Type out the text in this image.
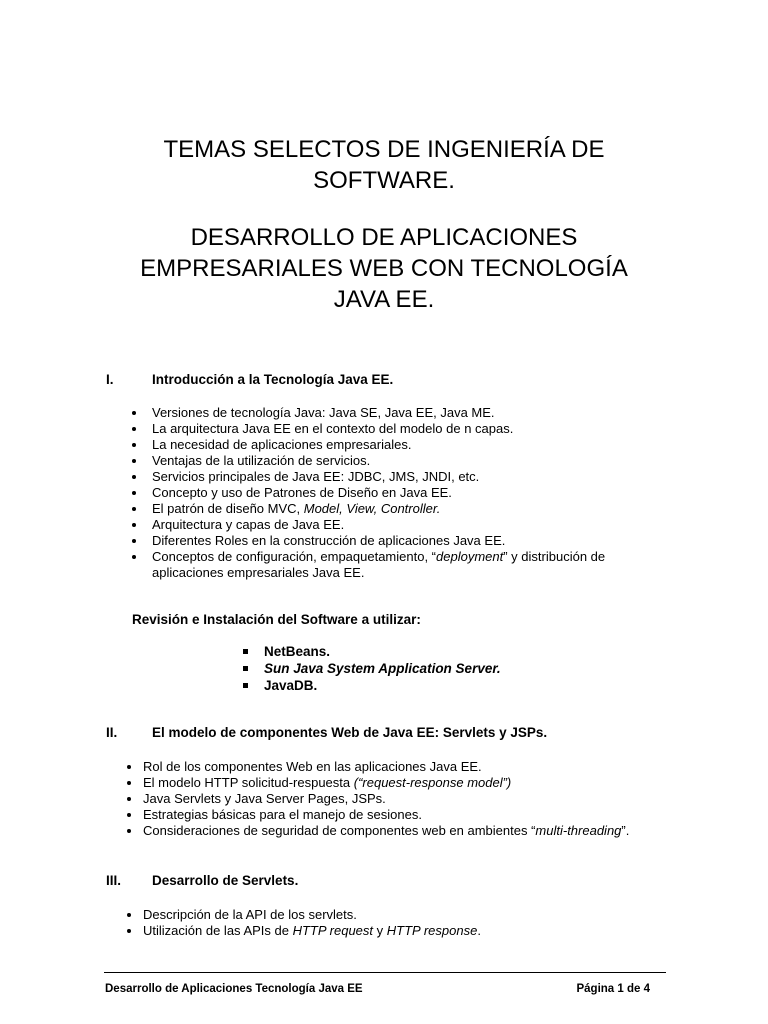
TEMAS SELECTOS DE INGENIERÍA DE
SOFTWARE.
DESARROLLO DE APLICACIONES
EMPRESARIALES WEB CON TECNOLOGÍA
JAVA EE.
I.	Introducción a la Tecnología Java EE.
Versiones de tecnología Java: Java SE, Java EE, Java ME.
La arquitectura Java EE en el contexto del modelo de n capas.
La necesidad de aplicaciones empresariales.
Ventajas de la utilización de servicios.
Servicios principales de Java EE: JDBC, JMS, JNDI, etc.
Concepto y uso de Patrones de Diseño en Java EE.
El patrón de diseño MVC, Model, View, Controller.
Arquitectura y capas de Java EE.
Diferentes Roles en la construcción de aplicaciones Java EE.
Conceptos de configuración, empaquetamiento, “deployment” y distribución de
aplicaciones empresariales Java EE.
Revisión e Instalación del Software a utilizar:
NetBeans.
Sun Java System Application Server.
JavaDB.
II.	El modelo de componentes Web de Java EE: Servlets y JSPs.
Rol de los componentes Web en las aplicaciones Java EE.
El modelo HTTP solicitud-respuesta (“request-response model”)
Java Servlets y Java Server Pages, JSPs.
Estrategias básicas para el manejo de sesiones.
Consideraciones de seguridad de componentes web en ambientes “multi-threading”.
III. Desarrollo de Servlets.
Descripción de la API de los servlets.
Utilización de las APIs de HTTP request y HTTP response.
Desarrollo de Aplicaciones Tecnología Java EE	Página 1 de 4
